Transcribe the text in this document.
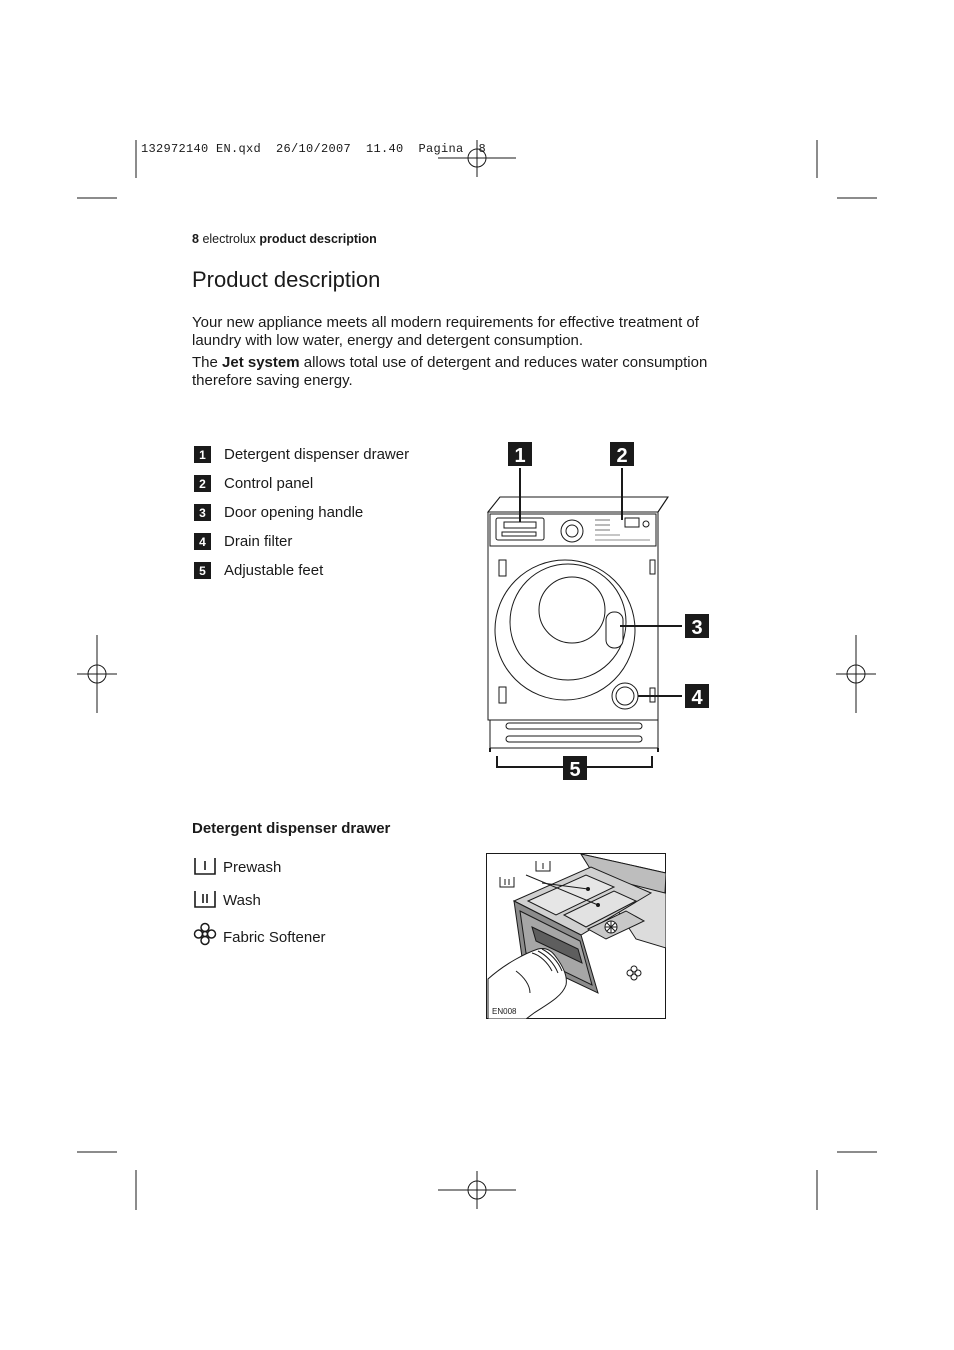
132972140 EN.qxd  26/10/2007  11.40  Pagina  8
8 electrolux product description
Product description

Your new appliance meets all modern requirements for effective treatment of laundry with low water, energy and detergent consumption.

The Jet system allows total use of detergent and reduces water consumption therefore saving energy.

1	Detergent dispenser drawer
2	Control panel
3	Door opening handle
4	Drain filter
5	Adjustable feet
1	2
3
4
5
Detergent dispenser drawer
Prewash
Wash
Fabric Softener
EN008
